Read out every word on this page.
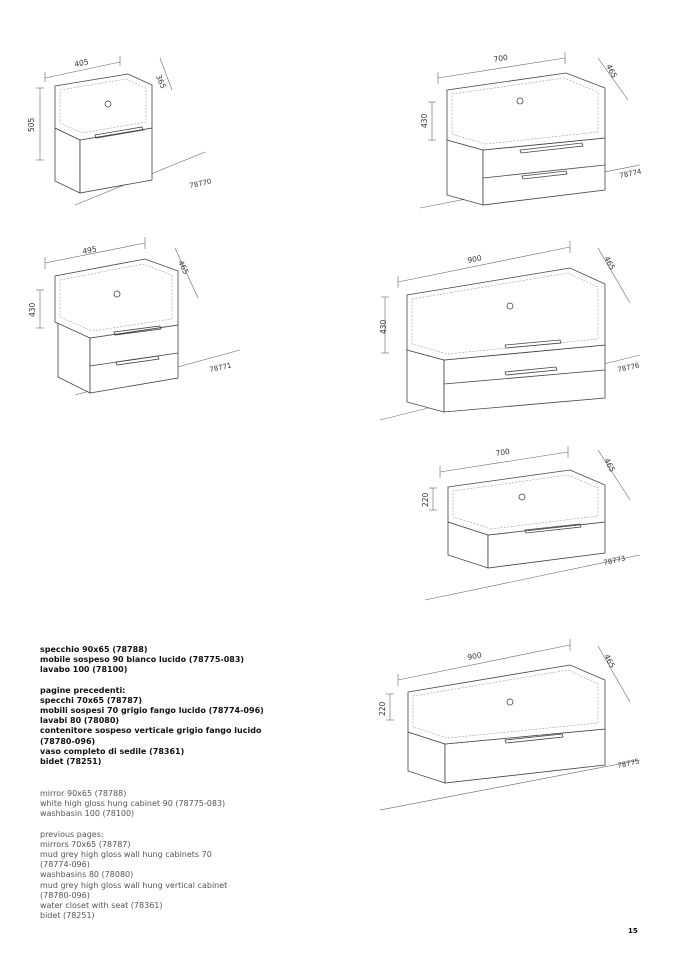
405
365
505
78770
700
465
430
78774
495
465
430
78771
900	465
430
78776
700
465
220
78773
900	465
220
78775
specchio 90x65 (78788)
mobile sospeso 90 bianco lucido (78775-083)
lavabo 100 (78100)
pagine precedenti:
specchi 70x65 (78787)
mobili sospesi 70 grigio fango lucido (78774-096)
lavabi 80 (78080)
contenitore sospeso verticale grigio fango lucido
(78780-096)
vaso completo di sedile (78361)
bidet (78251)
mirror 90x65 (78788)
white high gloss hung cabinet 90 (78775-083)
washbasin 100 (78100)
previous pages:
mirrors 70x65 (78787)
mud grey high gloss wall hung cabinets 70
(78774-096)
washbasins 80 (78080)
mud grey high gloss wall hung vertical cabinet
(78780-096)
water closet with seat (78361)
bidet (78251)
15
